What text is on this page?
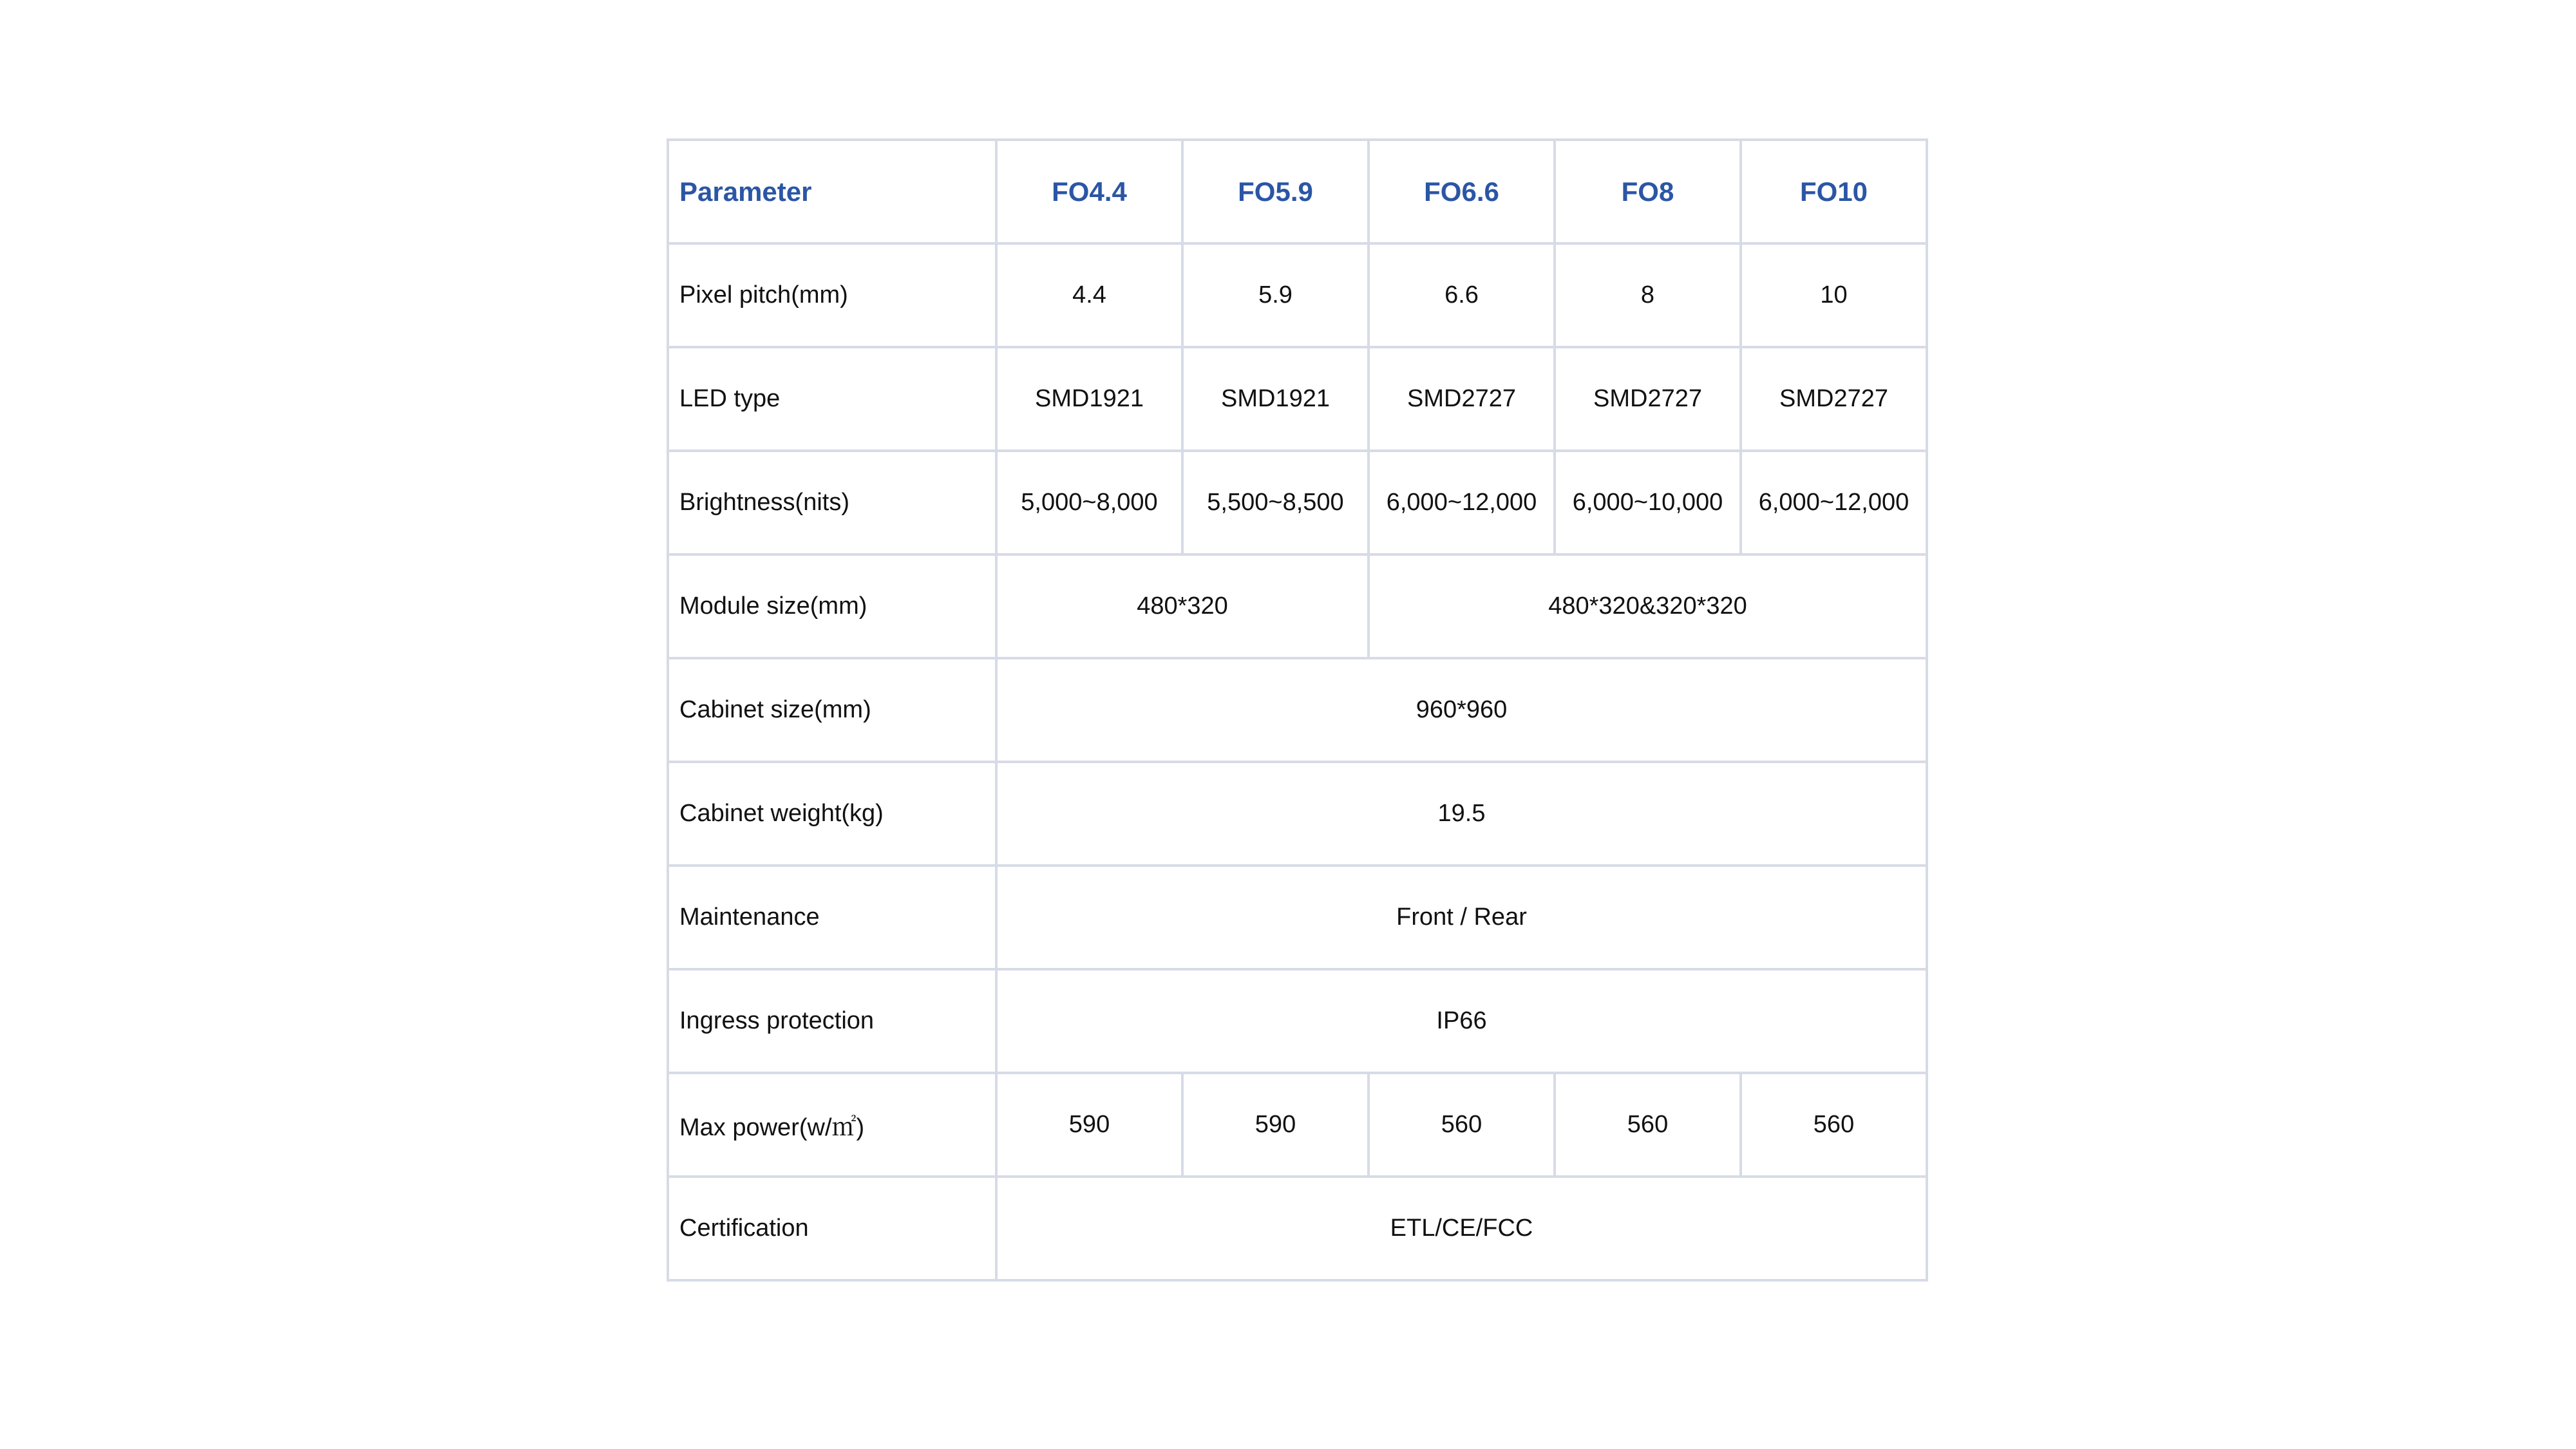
Parameter	FO4.4	FO5.9	FO6.6	FO8	FO10
Pixel pitch(mm)	4.4	5.9	6.6	8	10
LED type	SMD1921	SMD1921	SMD2727	SMD2727	SMD2727
Brightness(nits)	5,000~8,000	5,500~8,500	6,000~12,000	6,000~10,000	6,000~12,000
Module size(mm)	480*320		480*320&320*320		
Cabinet size(mm)	960*960				
Cabinet weight(kg)	19.5				
Maintenance	Front / Rear				
Ingress protection	IP66				
Max power(w/㎡)	590	590	560	560	560
Certification	ETL/CE/FCC				
